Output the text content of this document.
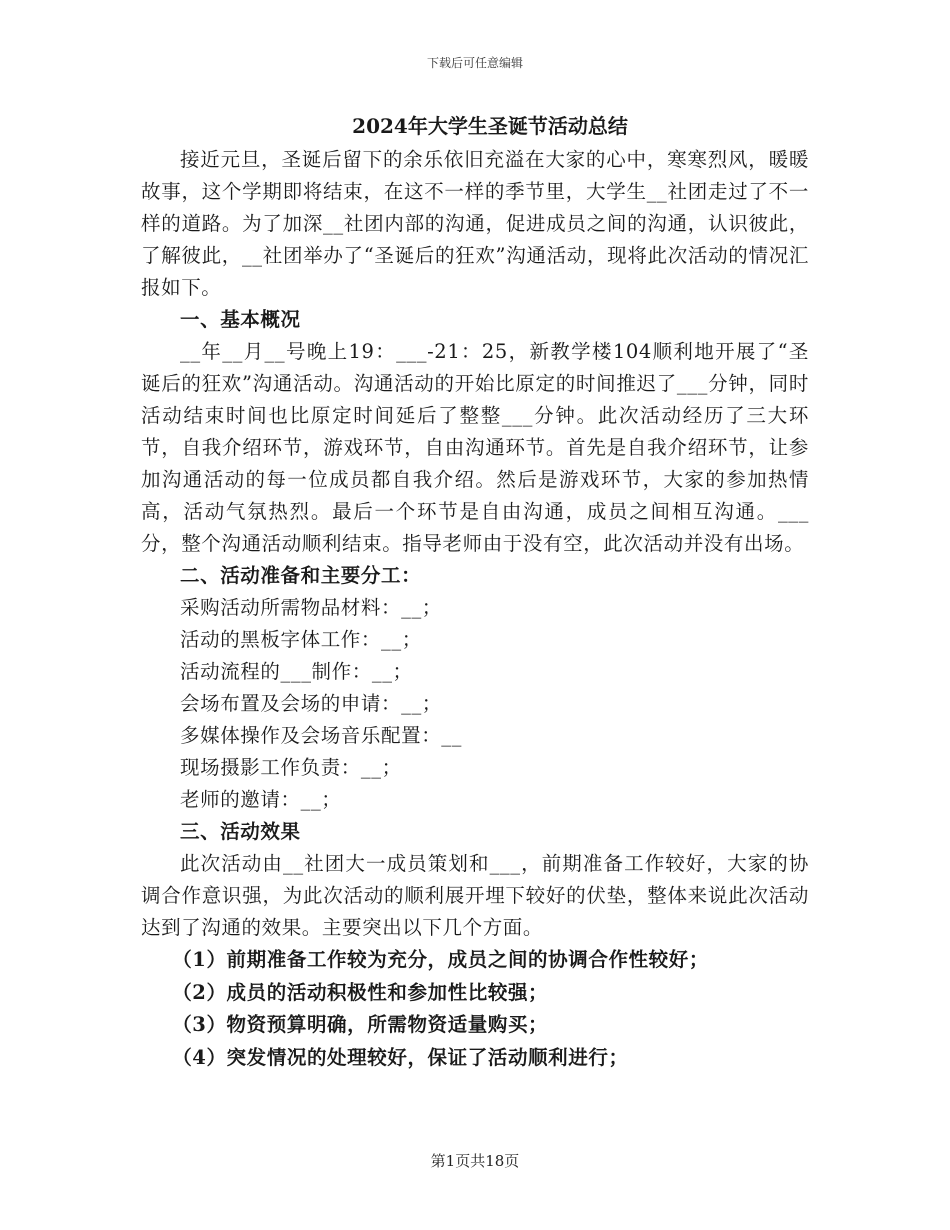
下载后可任意编辑

2024年大学生圣诞节活动总结

接近元旦，圣诞后留下的余乐依旧充溢在大家的心中，寒寒烈风，暖暖故事，这个学期即将结束，在这不一样的季节里，大学生__社团走过了不一样的道路。为了加深__社团内部的沟通，促进成员之间的沟通，认识彼此，了解彼此，__社团举办了“圣诞后的狂欢”沟通活动，现将此次活动的情况汇报如下。

一、基本概况

__年__月__号晚上19：___-21：25，新教学楼104顺利地开展了“圣诞后的狂欢”沟通活动。沟通活动的开始比原定的时间推迟了___分钟，同时活动结束时间也比原定时间延后了整整___分钟。此次活动经历了三大环节，自我介绍环节，游戏环节，自由沟通环节。首先是自我介绍环节，让参加沟通活动的每一位成员都自我介绍。然后是游戏环节，大家的参加热情高，活动气氛热烈。最后一个环节是自由沟通，成员之间相互沟通。___分，整个沟通活动顺利结束。指导老师由于没有空，此次活动并没有出场。

二、活动准备和主要分工：

采购活动所需物品材料：__；

活动的黑板字体工作：__；

活动流程的___制作：__；

会场布置及会场的申请：__；

多媒体操作及会场音乐配置：__

现场摄影工作负责：__；

老师的邀请：__；

三、活动效果

此次活动由__社团大一成员策划和___，前期准备工作较好，大家的协调合作意识强，为此次活动的顺利展开埋下较好的伏垫，整体来说此次活动达到了沟通的效果。主要突出以下几个方面。

（1）前期准备工作较为充分，成员之间的协调合作性较好；

（2）成员的活动积极性和参加性比较强；

（3）物资预算明确，所需物资适量购买；

（4）突发情况的处理较好，保证了活动顺利进行；

第1页共18页
